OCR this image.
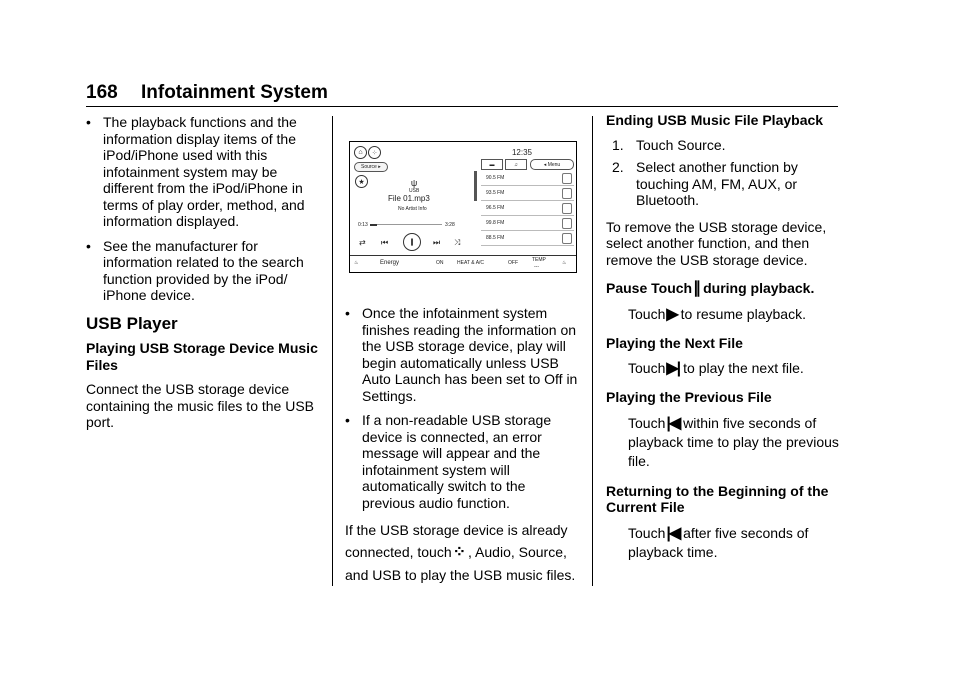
168 Infotainment System
• The playback functions and the information display items of the iPod/iPhone used with this infotainment system may be different from the iPod/iPhone in terms of play order, method, and information displayed.
• See the manufacturer for information related to the search function provided by the iPod/ iPhone device.
USB Player

Playing USB Storage Device Music Files

Connect the USB storage device containing the music files to the USB port.

⌂	⁘	12:35
Source ▸
★	ψ
USB
File 01.mp3
No Artist Info
0:13	3:28
⇄ ⏮	∥	⏭ ⤨
▬	♫	◂ Menu
90.5 FM
93.5 FM
96.5 FM
99.8 FM
88.5 FM
♨	Energy	ON	HEAT & A/C	OFF	TEMP
---
♨
• Once the infotainment system finishes reading the information on the USB storage device, play will begin automatically unless USB Auto Launch has been set to Off in Settings.
• If a non-readable USB storage device is connected, an error message will appear and the infotainment system will automatically switch to the previous audio function.

If the USB storage device is already connected, touch⁘ , Audio, Source, and USB to play the USB music files.

Ending USB Music File Playback

1. Touch Source.
2. Select another function by touching AM, FM, AUX, or Bluetooth.

To remove the USB storage device, select another function, and then remove the USB storage device.

Pause Touch∥ during playback.

Touch▶ to resume playback.

Playing the Next File

Touch▶| to play the next file.

Playing the Previous File

Touch|◀ within five seconds of playback time to play the previous file.

Returning to the Beginning of the Current File

Touch|◀ after five seconds of playback time.
